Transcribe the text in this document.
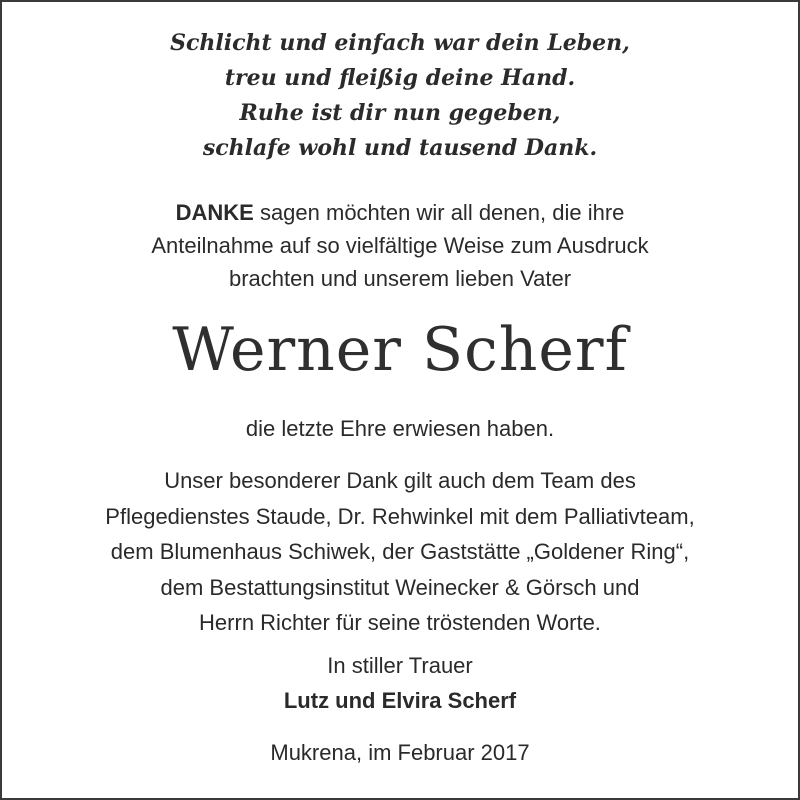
Schlicht und einfach war dein Leben,
treu und fleißig deine Hand.
Ruhe ist dir nun gegeben,
schlafe wohl und tausend Dank.
DANKE sagen möchten wir all denen, die ihre
Anteilnahme auf so vielfältige Weise zum Ausdruck
brachten und unserem lieben Vater
Werner Scherf
die letzte Ehre erwiesen haben.
Unser besonderer Dank gilt auch dem Team des
Pflegedienstes Staude, Dr. Rehwinkel mit dem Palliativteam,
dem Blumenhaus Schiwek, der Gaststätte „Goldener Ring“,
dem Bestattungsinstitut Weinecker & Görsch und
Herrn Richter für seine tröstenden Worte.
In stiller Trauer
Lutz und Elvira Scherf
Mukrena, im Februar 2017
